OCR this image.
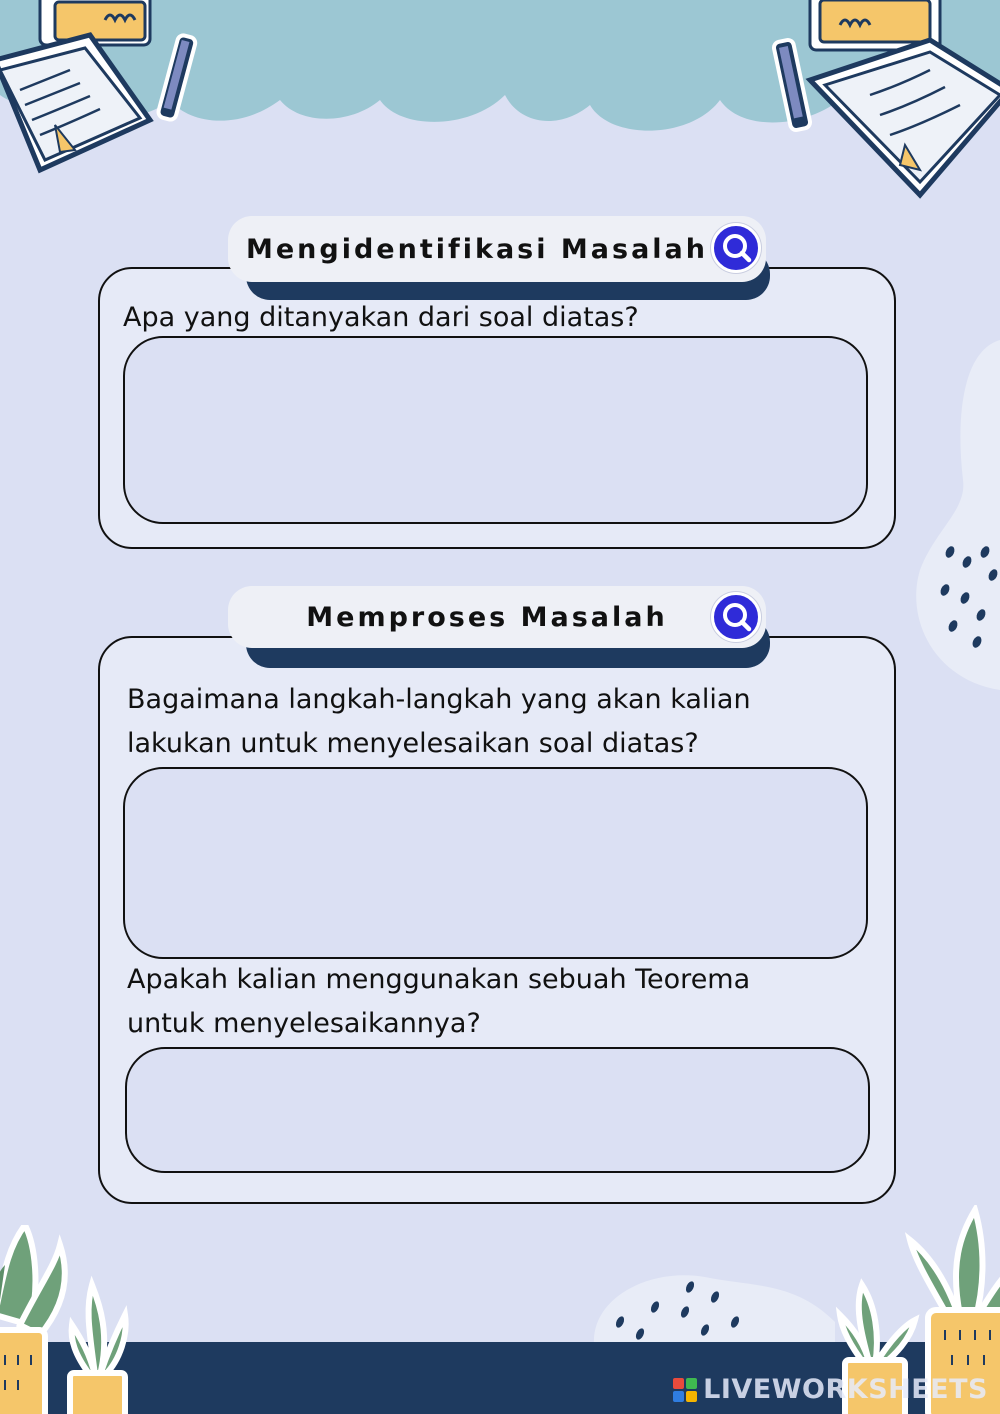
Mengidentifikasi Masalah
Apa yang ditanyakan dari soal diatas?
Memproses Masalah
Bagaimana langkah-langkah yang akan kalian
lakukan untuk menyelesaikan soal diatas?
Apakah kalian menggunakan sebuah Teorema
untuk menyelesaikannya?
LIVEWORKSHEETS
